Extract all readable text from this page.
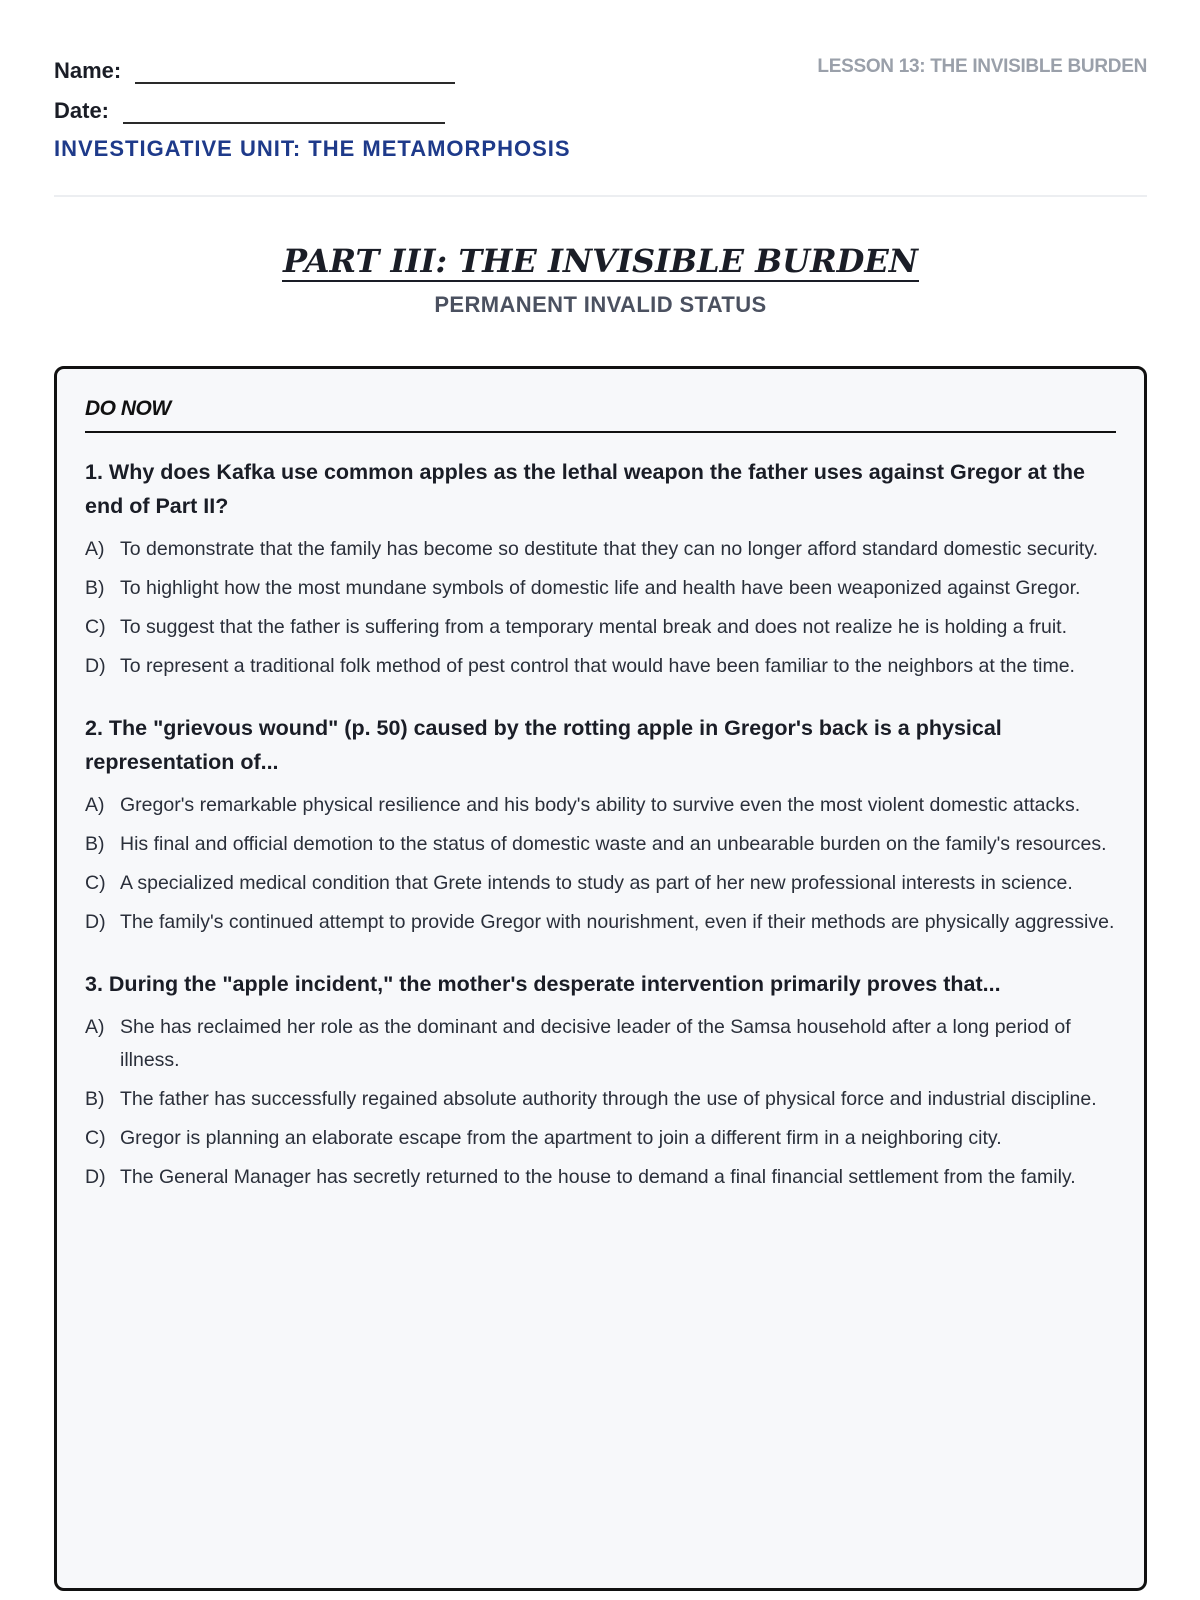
Name:
Date:
INVESTIGATIVE UNIT: THE METAMORPHOSIS
LESSON 13: THE INVISIBLE BURDEN
PART III: THE INVISIBLE BURDEN
PERMANENT INVALID STATUS
DO NOW
1. Why does Kafka use common apples as the lethal weapon the father uses against Gregor at the end of Part II?
A) To demonstrate that the family has become so destitute that they can no longer afford standard domestic security.
B) To highlight how the most mundane symbols of domestic life and health have been weaponized against Gregor.
C) To suggest that the father is suffering from a temporary mental break and does not realize he is holding a fruit.
D) To represent a traditional folk method of pest control that would have been familiar to the neighbors at the time.
2. The "grievous wound" (p. 50) caused by the rotting apple in Gregor's back is a physical representation of...
A) Gregor's remarkable physical resilience and his body's ability to survive even the most violent domestic attacks.
B) His final and official demotion to the status of domestic waste and an unbearable burden on the family's resources.
C) A specialized medical condition that Grete intends to study as part of her new professional interests in science.
D) The family's continued attempt to provide Gregor with nourishment, even if their methods are physically aggressive.
3. During the "apple incident," the mother's desperate intervention primarily proves that...
A) She has reclaimed her role as the dominant and decisive leader of the Samsa household after a long period of illness.
B) The father has successfully regained absolute authority through the use of physical force and industrial discipline.
C) Gregor is planning an elaborate escape from the apartment to join a different firm in a neighboring city.
D) The General Manager has secretly returned to the house to demand a final financial settlement from the family.
